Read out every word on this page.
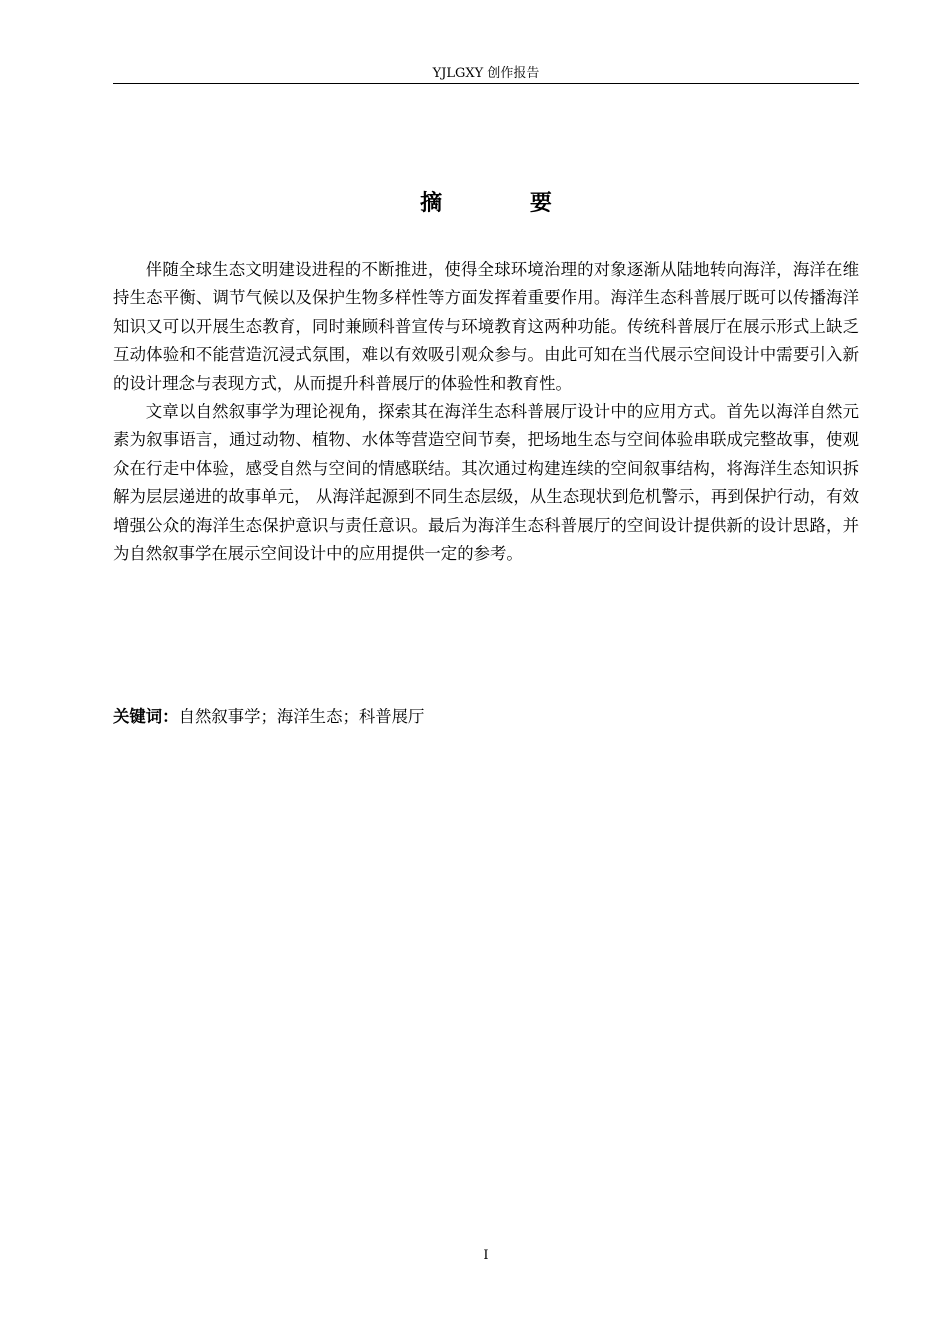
YJLGXY 创作报告
摘 要

伴随全球生态文明建设进程的不断推进，使得全球环境治理的对象逐渐从陆地转向海洋，海洋在维持生态平衡、调节气候以及保护生物多样性等方面发挥着重要作用。海洋生态科普展厅既可以传播海洋知识又可以开展生态教育，同时兼顾科普宣传与环境教育这两种功能。传统科普展厅在展示形式上缺乏互动体验和不能营造沉浸式氛围，难以有效吸引观众参与。由此可知在当代展示空间设计中需要引入新的设计理念与表现方式，从而提升科普展厅的体验性和教育性。

文章以自然叙事学为理论视角，探索其在海洋生态科普展厅设计中的应用方式。首先以海洋自然元素为叙事语言，通过动物、植物、水体等营造空间节奏，把场地生态与空间体验串联成完整故事，使观众在行走中体验，感受自然与空间的情感联结。其次通过构建连续的空间叙事结构，将海洋生态知识拆解为层层递进的故事单元， 从海洋起源到不同生态层级，从生态现状到危机警示，再到保护行动，有效增强公众的海洋生态保护意识与责任意识。最后为海洋生态科普展厅的空间设计提供新的设计思路，并为自然叙事学在展示空间设计中的应用提供一定的参考。

关键词：自然叙事学；海洋生态；科普展厅
I
